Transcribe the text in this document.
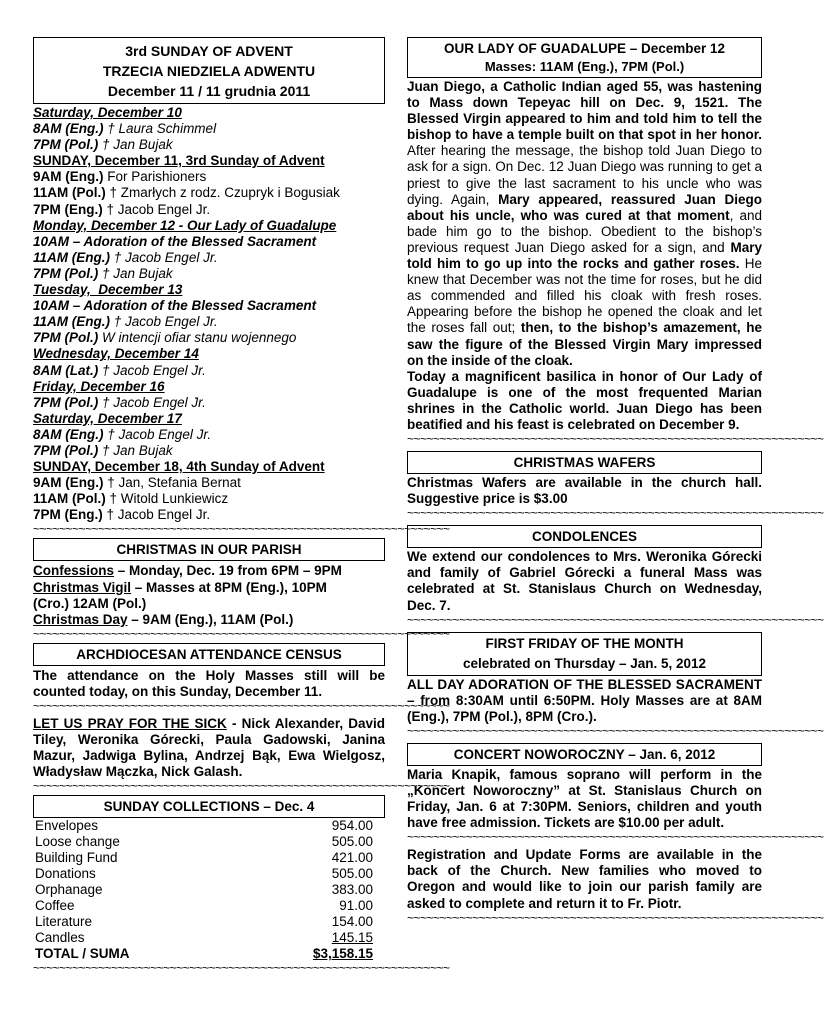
3rd SUNDAY OF ADVENT
TRZECIA NIEDZIELA ADWENTU
December 11 / 11 grudnia 2011
Saturday, December 10
8AM (Eng.) † Laura Schimmel
7PM (Pol.) † Jan Bujak
SUNDAY, December 11, 3rd Sunday of Advent
9AM (Eng.) For Parishioners
11AM (Pol.) † Zmarłych z rodz. Czupryk i Bogusiak
7PM (Eng.) † Jacob Engel Jr.
Monday, December 12 - Our Lady of Guadalupe
10AM – Adoration of the Blessed Sacrament
11AM (Eng.) † Jacob Engel Jr.
7PM (Pol.) † Jan Bujak
Tuesday,  December 13
10AM – Adoration of the Blessed Sacrament
11AM (Eng.) † Jacob Engel Jr.
7PM (Pol.) W intencji ofiar stanu wojennego
Wednesday, December 14
8AM (Lat.) † Jacob Engel Jr.
Friday, December 16
7PM (Pol.) † Jacob Engel Jr.
Saturday, December 17
8AM (Eng.) † Jacob Engel Jr.
7PM (Pol.) † Jan Bujak
SUNDAY, December 18, 4th Sunday of Advent
9AM (Eng.) † Jan, Stefania Bernat
11AM (Pol.) † Witold Lunkiewicz
7PM (Eng.) † Jacob Engel Jr.
~~~~~~~~~~~~~~~~~~~~~~~~~~~~~~~~~~~~~~~~~~~~~~~~~~~~~~~~~~~~~~~~
CHRISTMAS IN OUR PARISH
Confessions – Monday, Dec. 19 from 6PM – 9PM
Christmas Vigil – Masses at 8PM (Eng.), 10PM
(Cro.) 12AM (Pol.)
Christmas Day – 9AM (Eng.), 11AM (Pol.)
~~~~~~~~~~~~~~~~~~~~~~~~~~~~~~~~~~~~~~~~~~~~~~~~~~~~~~~~~~~~~~~~
ARCHDIOCESAN ATTENDANCE CENSUS
The attendance on the Holy Masses still will be counted today, on this Sunday, December 11.
~~~~~~~~~~~~~~~~~~~~~~~~~~~~~~~~~~~~~~~~~~~~~~~~~~~~~~~~~~~~~~~~
LET US PRAY FOR THE SICK - Nick Alexander, David Tiley, Weronika Górecki, Paula Gadowski, Janina Mazur, Jadwiga Bylina, Andrzej Bąk, Ewa Wielgosz, Władysław Mączka, Nick Galash.
~~~~~~~~~~~~~~~~~~~~~~~~~~~~~~~~~~~~~~~~~~~~~~~~~~~~~~~~~~~~~~~~
SUNDAY COLLECTIONS – Dec. 4
Envelopes	954.00
Loose change	505.00
Building Fund	421.00
Donations	505.00
Orphanage	383.00
Coffee	91.00
Literature	154.00
Candles	145.15
TOTAL / SUMA	$3,158.15
~~~~~~~~~~~~~~~~~~~~~~~~~~~~~~~~~~~~~~~~~~~~~~~~~~~~~~~~~~~~~~~~
OUR LADY OF GUADALUPE – December 12
Masses: 11AM (Eng.), 7PM (Pol.)
Juan Diego, a Catholic Indian aged 55, was hastening to Mass down Tepeyac hill on Dec. 9, 1521. The Blessed Virgin appeared to him and told him to tell the bishop to have a temple built on that spot in her honor. After hearing the message, the bishop told Juan Diego to ask for a sign. On Dec. 12 Juan Diego was running to get a priest to give the last sacrament to his uncle who was dying. Again, Mary appeared, reassured Juan Diego about his uncle, who was cured at that moment, and bade him go to the bishop. Obedient to the bishop’s previous request Juan Diego asked for a sign, and Mary told him to go up into the rocks and gather roses. He knew that December was not the time for roses, but he did as commended and filled his cloak with fresh roses. Appearing before the bishop he opened the cloak and let the roses fall out; then, to the bishop’s amazement, he saw the figure of the Blessed Virgin Mary impressed on the inside of the cloak.
Today a magnificent basilica in honor of Our Lady of Guadalupe is one of the most frequented Marian shrines in the Catholic world. Juan Diego has been beatified and his feast is celebrated on December 9.
~~~~~~~~~~~~~~~~~~~~~~~~~~~~~~~~~~~~~~~~~~~~~~~~~~~~~~~~~~~~~~~~
CHRISTMAS WAFERS
Christmas Wafers are available in the church hall. Suggestive price is $3.00
~~~~~~~~~~~~~~~~~~~~~~~~~~~~~~~~~~~~~~~~~~~~~~~~~~~~~~~~~~~~~~~~
CONDOLENCES
We extend our condolences to Mrs. Weronika Górecki and family of Gabriel Górecki a funeral Mass was celebrated at St. Stanislaus Church on Wednesday, Dec. 7.
~~~~~~~~~~~~~~~~~~~~~~~~~~~~~~~~~~~~~~~~~~~~~~~~~~~~~~~~~~~~~~~~
FIRST FRIDAY OF THE MONTH
celebrated on Thursday – Jan. 5, 2012
ALL DAY ADORATION OF THE BLESSED SACRAMENT – from 8:30AM until 6:50PM. Holy Masses are at 8AM (Eng.), 7PM (Pol.), 8PM (Cro.).
~~~~~~~~~~~~~~~~~~~~~~~~~~~~~~~~~~~~~~~~~~~~~~~~~~~~~~~~~~~~~~~~
CONCERT NOWOROCZNY – Jan. 6, 2012
Maria Knapik, famous soprano will perform in the „Koncert Noworoczny” at St. Stanislaus Church on Friday, Jan. 6 at 7:30PM. Seniors, children and youth have free admission. Tickets are $10.00 per adult.
~~~~~~~~~~~~~~~~~~~~~~~~~~~~~~~~~~~~~~~~~~~~~~~~~~~~~~~~~~~~~~~~
Registration and Update Forms are available in the back of the Church. New families who moved to Oregon and would like to join our parish family are asked to complete and return it to Fr. Piotr.
~~~~~~~~~~~~~~~~~~~~~~~~~~~~~~~~~~~~~~~~~~~~~~~~~~~~~~~~~~~~~~~~
